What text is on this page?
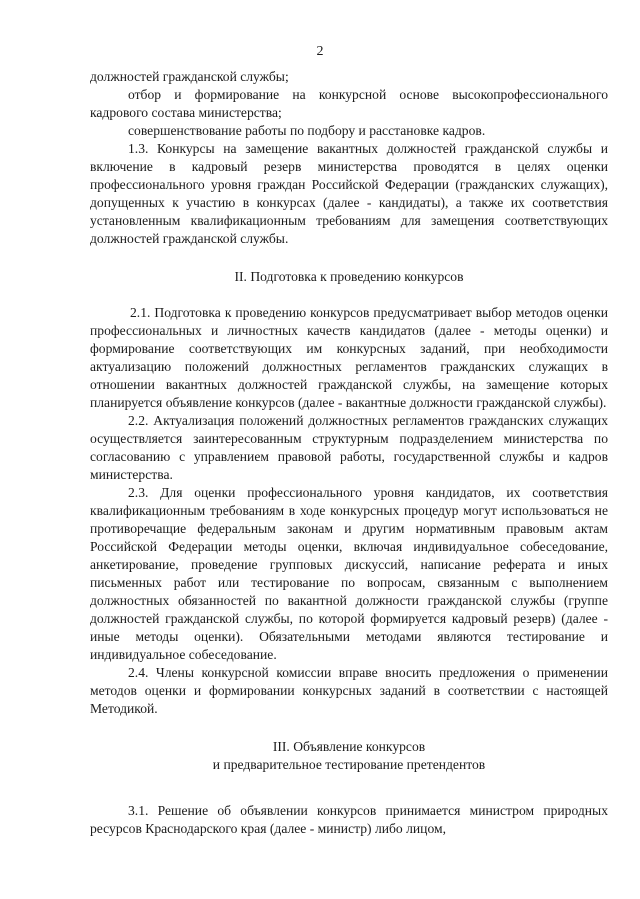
2

должностей гражданской службы;

отбор и формирование на конкурсной основе высокопрофессионального кадрового состава министерства;

совершенствование работы по подбору и расстановке кадров.

1.3. Конкурсы на замещение вакантных должностей гражданской службы и включение в кадровый резерв министерства проводятся в целях оценки профессионального уровня граждан Российской Федерации (гражданских служащих), допущенных к участию в конкурсах (далее - кандидаты), а также их соответствия установленным квалификационным требованиям для замещения соответствующих должностей гражданской службы.

II. Подготовка к проведению конкурсов

2.1. Подготовка к проведению конкурсов предусматривает выбор методов оценки профессиональных и личностных качеств кандидатов (далее - методы оценки) и формирование соответствующих им конкурсных заданий, при необходимости актуализацию положений должностных регламентов гражданских служащих в отношении вакантных должностей гражданской службы, на замещение которых планируется объявление конкурсов (далее - вакантные должности гражданской службы).

2.2. Актуализация положений должностных регламентов гражданских служащих осуществляется заинтересованным структурным подразделением министерства по согласованию с управлением правовой работы, государственной службы и кадров министерства.

2.3. Для оценки профессионального уровня кандидатов, их соответствия квалификационным требованиям в ходе конкурсных процедур могут использоваться не противоречащие федеральным законам и другим нормативным правовым актам Российской Федерации методы оценки, включая индивидуальное собеседование, анкетирование, проведение групповых дискуссий, написание реферата и иных письменных работ или тестирование по вопросам, связанным с выполнением должностных обязанностей по вакантной должности гражданской службы (группе должностей гражданской службы, по которой формируется кадровый резерв) (далее - иные методы оценки). Обязательными методами являются тестирование и индивидуальное собеседование.

2.4. Члены конкурсной комиссии вправе вносить предложения о применении методов оценки и формировании конкурсных заданий в соответствии с настоящей Методикой.

III. Объявление конкурсов
и предварительное тестирование претендентов

3.1. Решение об объявлении конкурсов принимается министром природных ресурсов Краснодарского края (далее - министр) либо лицом,
